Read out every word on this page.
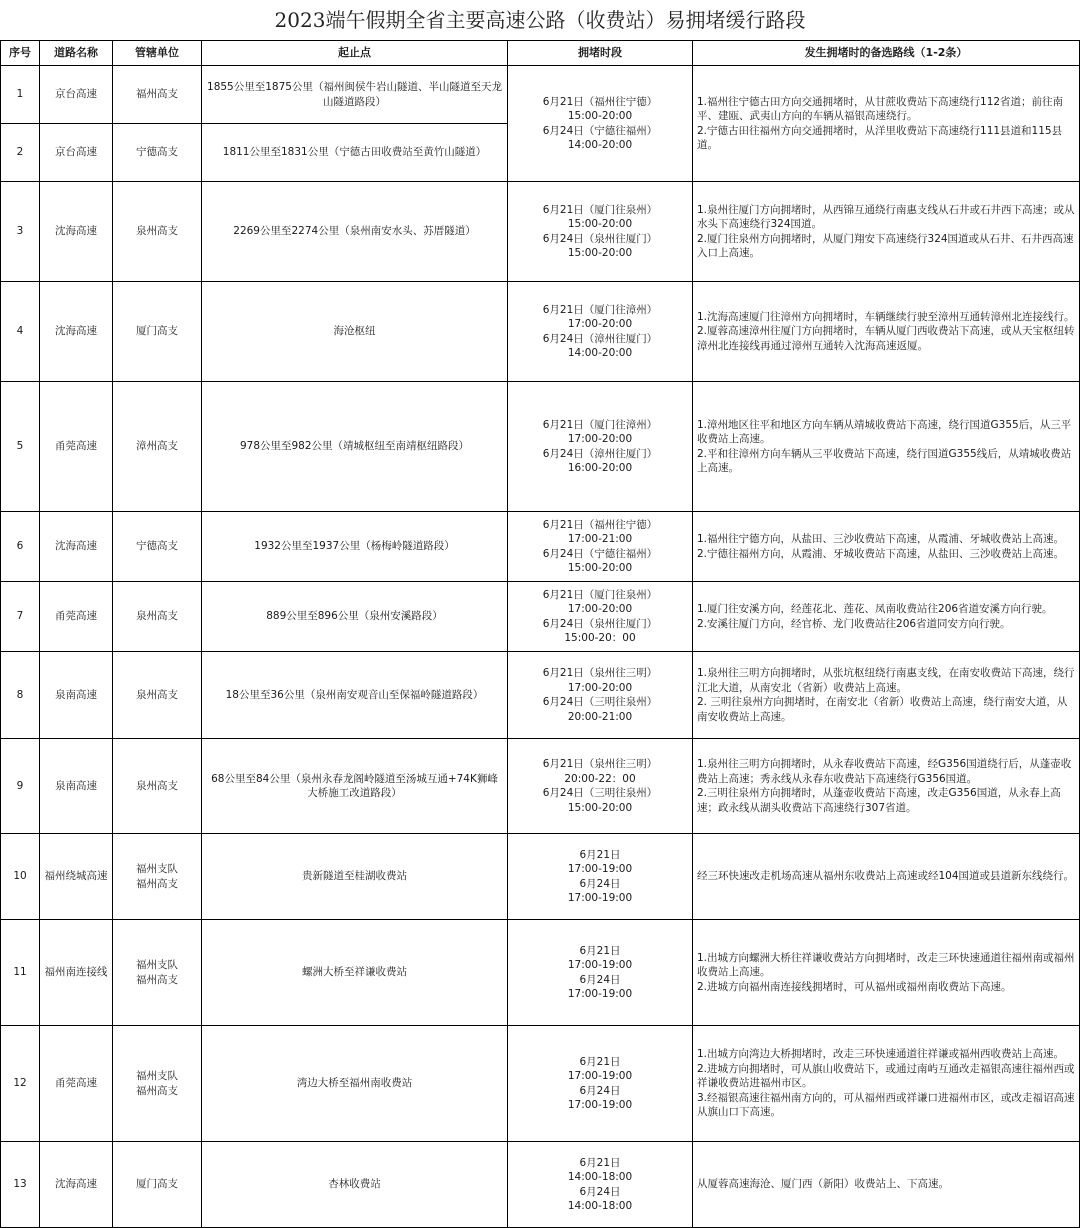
2023端午假期全省主要高速公路（收费站）易拥堵缓行路段
序号	道路名称	管辖单位	起止点	拥堵时段	发生拥堵时的备选路线（1-2条）
1	京台高速	福州高支	1855公里至1875公里（福州闽侯牛岩山隧道、半山隧道至天龙山隧道路段）	6月21日（福州往宁德）
15:00-20:00
6月24日（宁德往福州）
14:00-20:00	1.福州往宁德古田方向交通拥堵时，从甘蔗收费站下高速绕行112省道；前往南平、建瓯、武夷山方向的车辆从福银高速绕行。
2.宁德古田往福州方向交通拥堵时，从洋里收费站下高速绕行111县道和115县道。
2	京台高速	宁德高支	1811公里至1831公里（宁德古田收费站至黄竹山隧道）		
3	沈海高速	泉州高支	2269公里至2274公里（泉州南安水头、苏厝隧道）	6月21日（厦门往泉州）
15:00-20:00
6月24日（泉州往厦门）
15:00-20:00	1.泉州往厦门方向拥堵时，从西锦互通绕行南惠支线从石井或石井西下高速；或从水头下高速绕行324国道。
2.厦门往泉州方向拥堵时，从厦门翔安下高速绕行324国道或从石井、石井西高速入口上高速。
4	沈海高速	厦门高支	海沧枢纽	6月21日（厦门往漳州）
17:00-20:00
6月24日（漳州往厦门）
14:00-20:00	1.沈海高速厦门往漳州方向拥堵时，车辆继续行驶至漳州互通转漳州北连接线行。
2.厦蓉高速漳州往厦门方向拥堵时，车辆从厦门西收费站下高速，或从天宝枢纽转漳州北连接线再通过漳州互通转入沈海高速返厦。
5	甬莞高速	漳州高支	978公里至982公里（靖城枢纽至南靖枢纽路段）	6月21日（厦门往漳州）
17:00-20:00
6月24日（漳州往厦门）
16:00-20:00	1.漳州地区往平和地区方向车辆从靖城收费站下高速，绕行国道G355后，从三平收费站上高速。
2.平和往漳州方向车辆从三平收费站下高速，绕行国道G355线后，从靖城收费站上高速。
6	沈海高速	宁德高支	1932公里至1937公里（杨梅岭隧道路段）	6月21日（福州往宁德）
17:00-21:00
6月24日（宁德往福州）
15:00-20:00	1.福州往宁德方向，从盐田、三沙收费站下高速，从霞浦、牙城收费站上高速。
2.宁德往福州方向，从霞浦、牙城收费站下高速，从盐田、三沙收费站上高速。
7	甬莞高速	泉州高支	889公里至896公里（泉州安溪路段）	6月21日（厦门往泉州）
17:00-20:00
6月24日（泉州往厦门）
15:00-20：00	1.厦门往安溪方向，经莲花北、莲花、凤南收费站往206省道安溪方向行驶。
2.安溪往厦门方向，经官桥、龙门收费站往206省道同安方向行驶。
8	泉南高速	泉州高支	18公里至36公里（泉州南安观音山至保福岭隧道路段）	6月21日（泉州往三明）
17:00-20:00
6月24日（三明往泉州）
20:00-21:00	1.泉州往三明方向拥堵时，从张坑枢纽绕行南惠支线，在南安收费站下高速，绕行江北大道，从南安北（省新）收费站上高速。
2. 三明往泉州方向拥堵时，在南安北（省新）收费站上高速，绕行南安大道，从南安收费站上高速。
9	泉南高速	泉州高支	68公里至84公里（泉州永春龙阁岭隧道至汤城互通+74K狮峰大桥施工改道路段）	6月21日（泉州往三明）
20:00-22：00
6月24日（三明往泉州）
15:00-20:00	1.泉州往三明方向拥堵时，从永春收费站下高速，经G356国道绕行后，从蓬壶收费站上高速；秀永线从永春东收费站下高速绕行G356国道。
2.三明往泉州方向拥堵时，从蓬壶收费站下高速，改走G356国道，从永春上高速；政永线从湖头收费站下高速绕行307省道。
10	福州绕城高速	福州支队
福州高支	贵新隧道至桂湖收费站	6月21日
17:00-19:00
6月24日
17:00-19:00	经三环快速改走机场高速从福州东收费站上高速或经104国道或县道新东线绕行。
11	福州南连接线	福州支队
福州高支	螺洲大桥至祥谦收费站	6月21日
17:00-19:00
6月24日
17:00-19:00	1.出城方向螺洲大桥往祥谦收费站方向拥堵时，改走三环快速通道往福州南或福州收费站上高速。
2.进城方向福州南连接线拥堵时，可从福州或福州南收费站下高速。
12	甬莞高速	福州支队
福州高支	湾边大桥至福州南收费站	6月21日
17:00-19:00
6月24日
17:00-19:00	1.出城方向湾边大桥拥堵时，改走三环快速通道往祥谦或福州西收费站上高速。
2.进城方向拥堵时，可从旗山收费站下，或通过南屿互通改走福银高速往福州西或祥谦收费站进福州市区。
3.经福银高速往福州南方向的，可从福州西或祥谦口进福州市区，或改走福诏高速从旗山口下高速。
13	沈海高速	厦门高支	杏林收费站	6月21日
14:00-18:00
6月24日
14:00-18:00	从厦蓉高速海沧、厦门西（新阳）收费站上、下高速。
